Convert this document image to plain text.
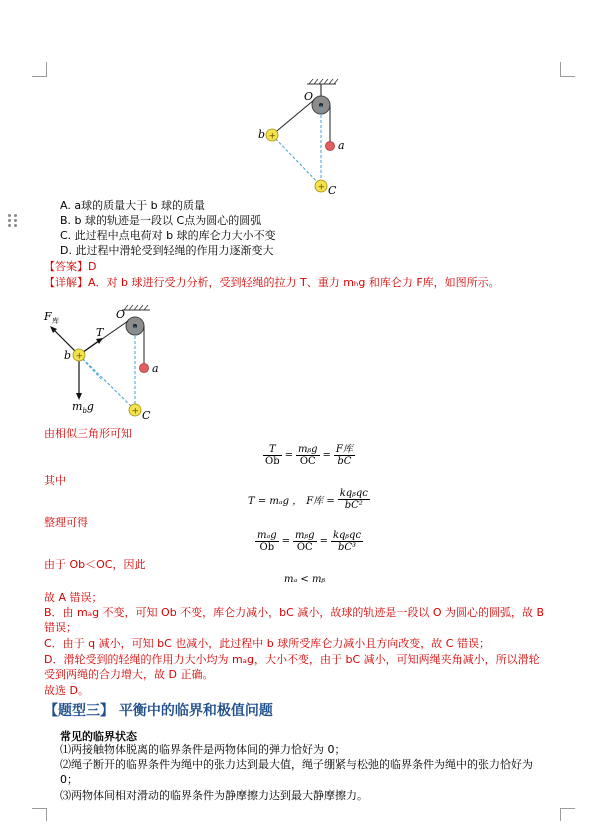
+
+
O
b
a
C
A. a球的质量大于 b 球的质量
B. b 球的轨迹是一段以 C点为圆心的圆弧
C. 此过程中点电荷对 b 球的库仑力大小不变
D. 此过程中滑轮受到轻绳的作用力逐渐变大
【答案】D
【详解】A．对 b 球进行受力分析，受到轻绳的拉力 T、重力 mₕg 和库仑力 F库，如图所示。
+
+
F 库
T
O
b
a
C
$m_bg$
由相似三角形可知
$\frac{T}{Ob} = \frac{\text{mᵦg}}{OC} = \frac{\text{F库}}{bC}$
其中
T = mₐg ， F库 = $\frac{\text{kqᵦqᴄ}}{\text{bC²}}$
整理可得
$\frac{\text{mₐg}}{Ob} = \frac{\text{mᵦg}}{OC} = \frac{\text{kqᵦqᴄ}}{\text{bC³}}$
由于 Ob＜OC，因此
mₐ < mᵦ
故 A 错误；
B．由 mₐg 不变，可知 Ob 不变，库仑力减小，bC 减小，故球的轨迹是一段以 O 为圆心的圆弧，故 B
错误；
C．由于 q 减小，可知 bC 也减小，此过程中 b 球所受库仑力减小且方向改变，故 C 错误；
D．滑轮受到的轻绳的作用力大小均为 mₐg，大小不变，由于 bC 减小，可知两绳夹角减小，所以滑轮
受到两绳的合力增大，故 D 正确。
故选 D。
【题型三】 平衡中的临界和极值问题
常见的临界状态
⑴两接触物体脱离的临界条件是两物体间的弹力恰好为 0；
⑵绳子断开的临界条件为绳中的张力达到最大值，绳子绷紧与松弛的临界条件为绳中的张力恰好为
0；
⑶两物体间相对滑动的临界条件为静摩擦力达到最大静摩擦力。
